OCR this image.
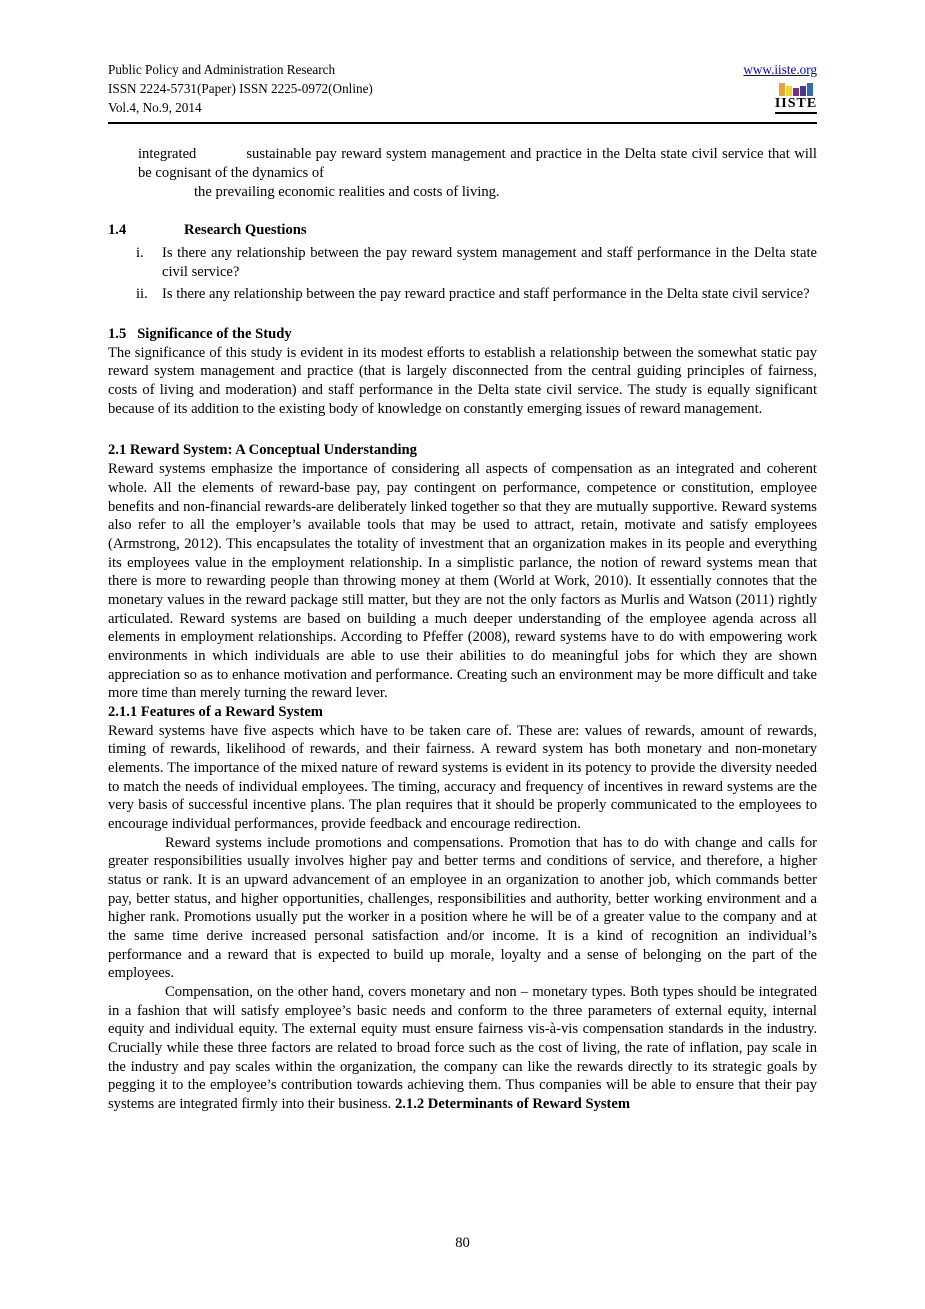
Public Policy and Administration Research
ISSN 2224-5731(Paper) ISSN 2225-0972(Online)
Vol.4, No.9, 2014
www.iiste.org
IISTE

integrated	sustainable pay reward system management and practice in the Delta state civil service that will be cognisant of the dynamics of

the prevailing economic realities and costs of living.

1.4	Research Questions
i.	Is there any relationship between the pay reward system management and staff performance in the Delta state civil service?
ii. Is there any relationship between the pay reward practice and staff performance in the Delta state civil service?
1.5   Significance of the Study

The significance of this study is evident in its modest efforts to establish a relationship between the somewhat static pay reward system management and practice (that is largely disconnected from the central guiding principles of fairness, costs of living and moderation) and staff performance in the Delta state civil service. The study is equally significant because of its addition to the existing body of knowledge on constantly emerging issues of reward management.

2.1 Reward System: A Conceptual Understanding

Reward systems emphasize the importance of considering all aspects of compensation as an integrated and coherent whole. All the elements of reward-base pay, pay contingent on performance, competence or constitution, employee benefits and non-financial rewards-are deliberately linked together so that they are mutually supportive. Reward systems also refer to all the employer’s available tools that may be used to attract, retain, motivate and satisfy employees (Armstrong, 2012). This encapsulates the totality of investment that an organization makes in its people and everything its employees value in the employment relationship. In a simplistic parlance, the notion of reward systems mean that there is more to rewarding people than throwing money at them (World at Work, 2010). It essentially connotes that the monetary values in the reward package still matter, but they are not the only factors as Murlis and Watson (2011) rightly articulated. Reward systems are based on building a much deeper understanding of the employee agenda across all elements in employment relationships. According to Pfeffer (2008), reward systems have to do with empowering work environments in which individuals are able to use their abilities to do meaningful jobs for which they are shown appreciation so as to enhance motivation and performance. Creating such an environment may be more difficult and take more time than merely turning the reward lever.

2.1.1 Features of a Reward System

Reward systems have five aspects which have to be taken care of. These are: values of rewards, amount of rewards, timing of rewards, likelihood of rewards, and their fairness. A reward system has both monetary and non-monetary elements. The importance of the mixed nature of reward systems is evident in its potency to provide the diversity needed to match the needs of individual employees. The timing, accuracy and frequency of incentives in reward systems are the very basis of successful incentive plans. The plan requires that it should be properly communicated to the employees to encourage individual performances, provide feedback and encourage redirection.

Reward systems include promotions and compensations. Promotion that has to do with change and calls for greater responsibilities usually involves higher pay and better terms and conditions of service, and therefore, a higher status or rank. It is an upward advancement of an employee in an organization to another job, which commands better pay, better status, and higher opportunities, challenges, responsibilities and authority, better working environment and a higher rank. Promotions usually put the worker in a position where he will be of a greater value to the company and at the same time derive increased personal satisfaction and/or income. It is a kind of recognition an individual’s performance and a reward that is expected to build up morale, loyalty and a sense of belonging on the part of the employees.

Compensation, on the other hand, covers monetary and non – monetary types. Both types should be integrated in a fashion that will satisfy employee’s basic needs and conform to the three parameters of external equity, internal equity and individual equity. The external equity must ensure fairness vis-à-vis compensation standards in the industry. Crucially while these three factors are related to broad force such as the cost of living, the rate of inflation, pay scale in the industry and pay scales within the organization, the company can like the rewards directly to its strategic goals by pegging it to the employee’s contribution towards achieving them. Thus companies will be able to ensure that their pay systems are integrated firmly into their business. 2.1.2 Determinants of Reward System

80
